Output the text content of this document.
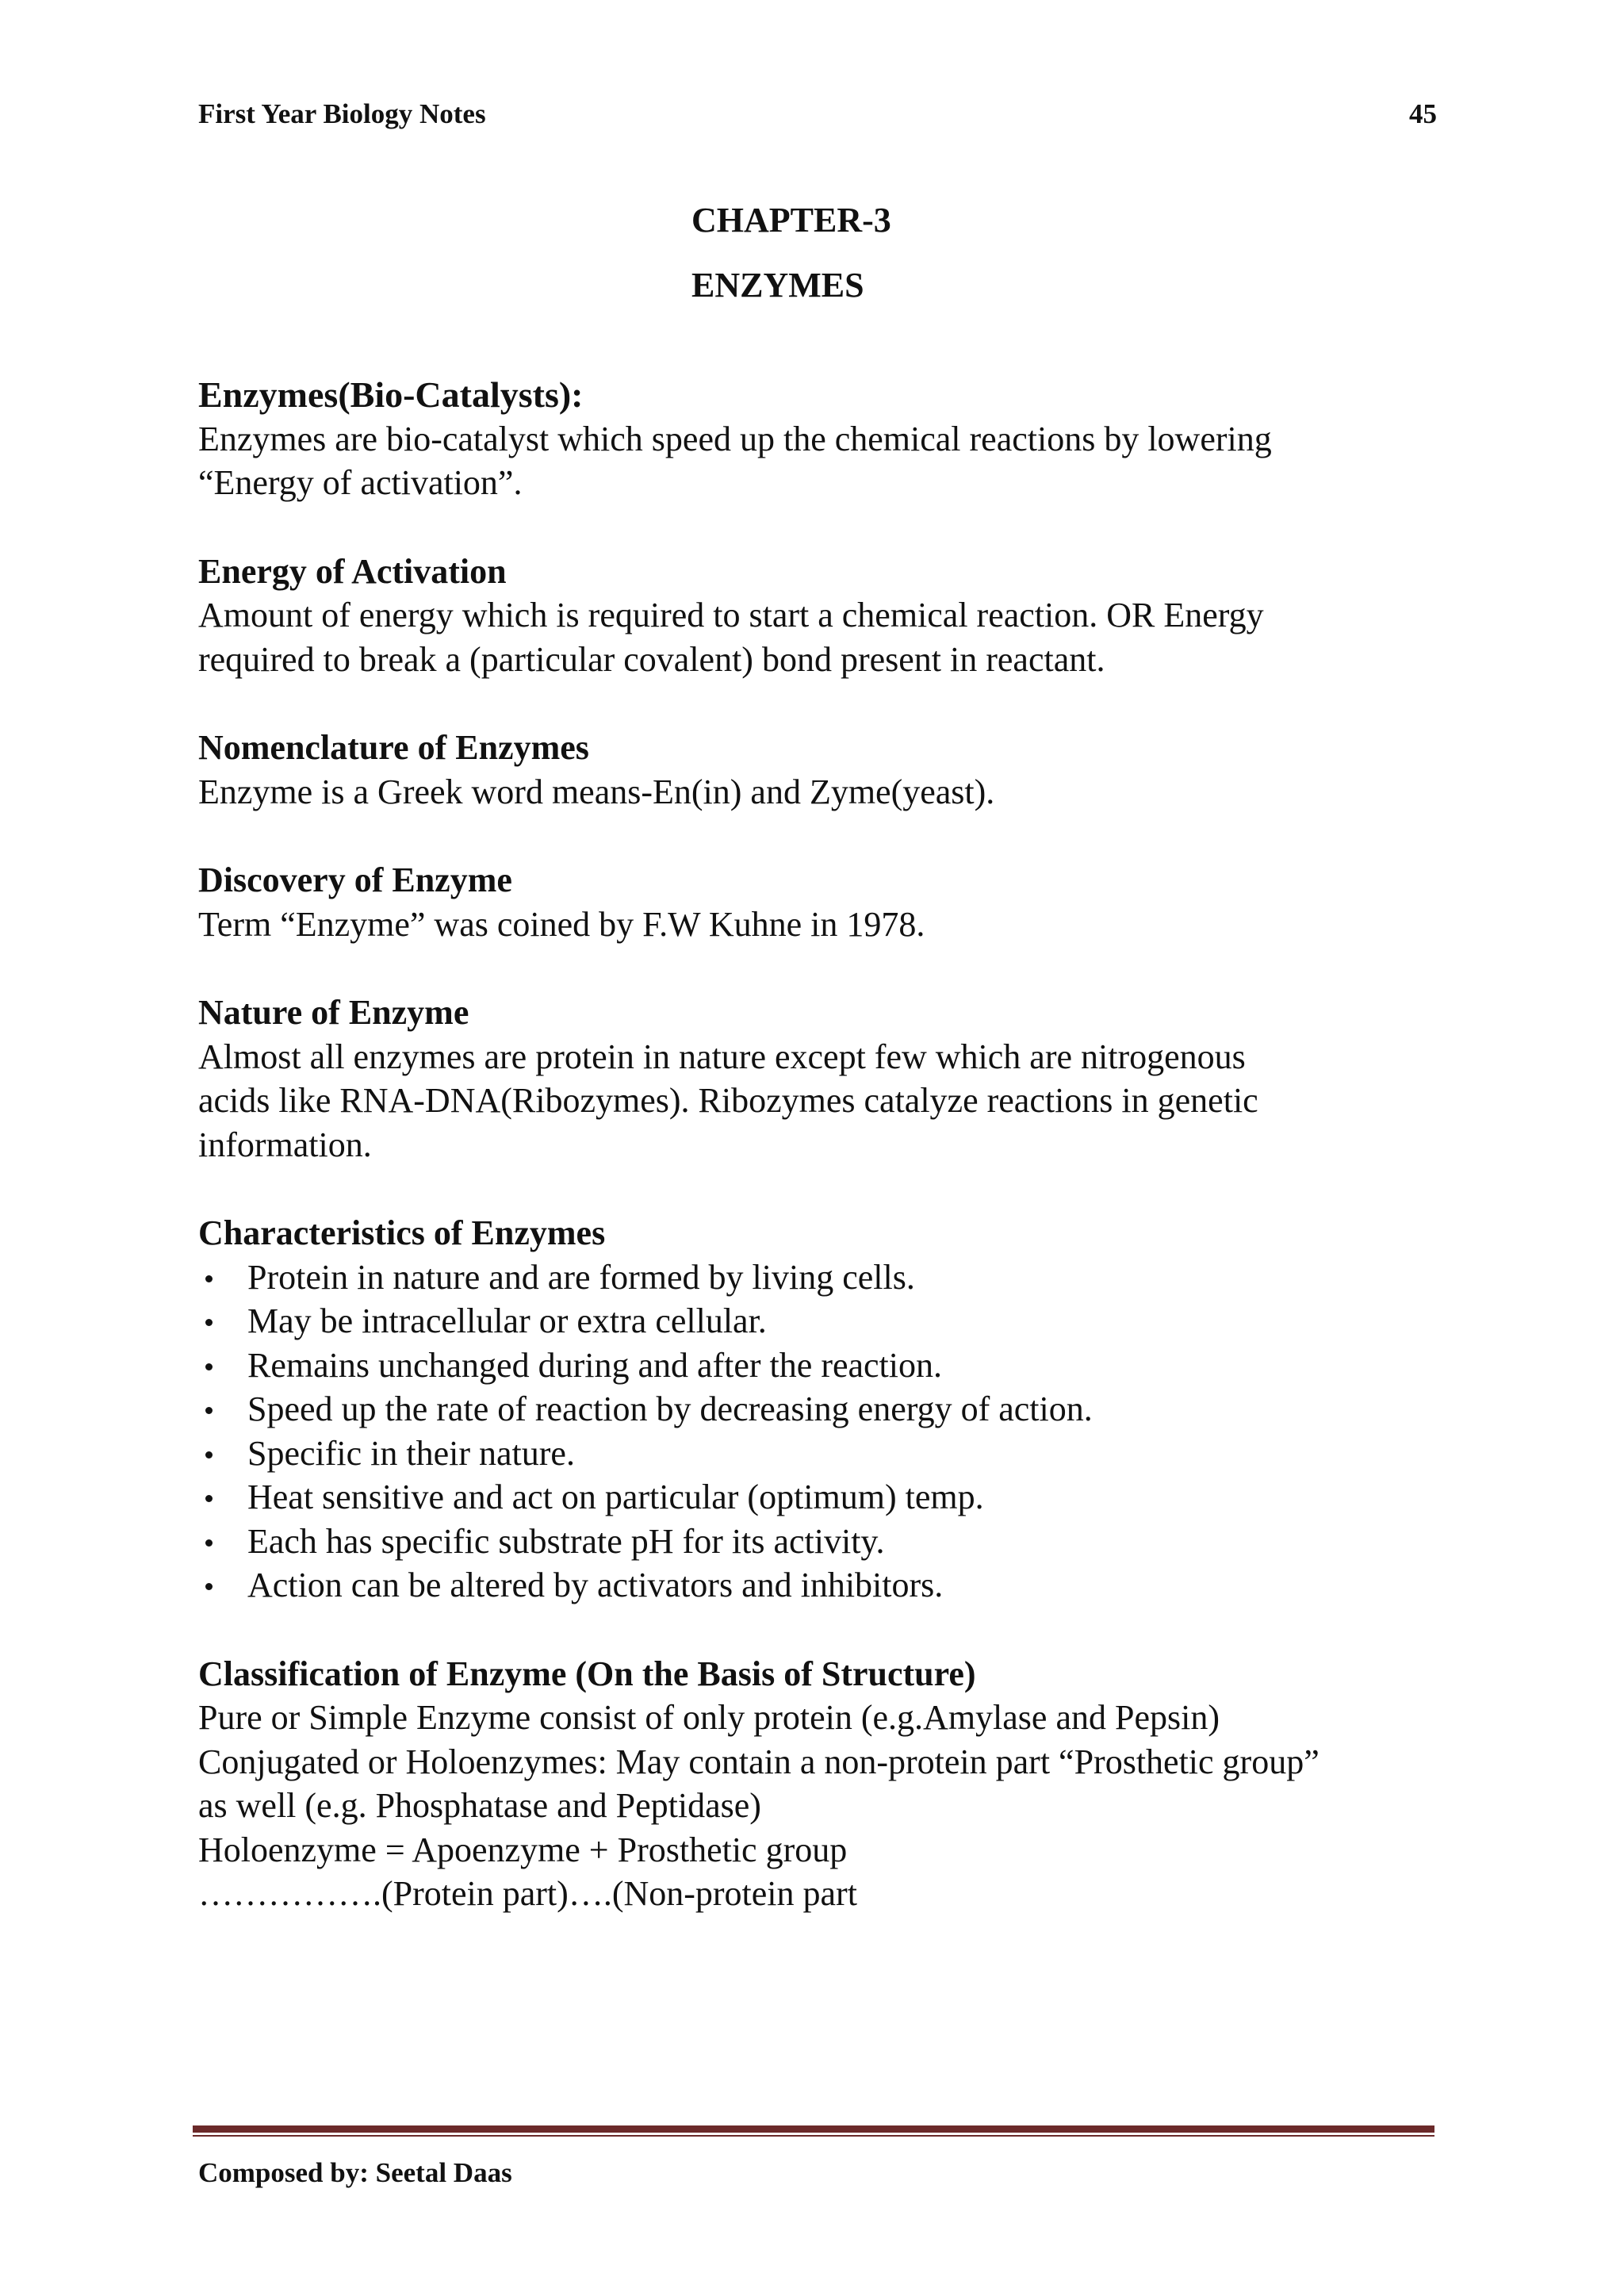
First Year Biology Notes	45
CHAPTER-3
ENZYMES
Enzymes(Bio-Catalysts):

Enzymes are bio-catalyst which speed up the chemical reactions by lowering
“Energy of activation”.

Energy of Activation

Amount of energy which is required to start a chemical reaction. OR Energy
required to break a (particular covalent) bond present in reactant.

Nomenclature of Enzymes

Enzyme is a Greek word means-En(in) and Zyme(yeast).

Discovery of Enzyme

Term “Enzyme” was coined by F.W Kuhne in 1978.

Nature of Enzyme

Almost all enzymes are protein in nature except few which are nitrogenous
acids like RNA-DNA(Ribozymes). Ribozymes catalyze reactions in genetic
information.

Characteristics of Enzymes
Protein in nature and are formed by living cells.
May be intracellular or extra cellular.
Remains unchanged during and after the reaction.
Speed up the rate of reaction by decreasing energy of action.
Specific in their nature.
Heat sensitive and act on particular (optimum) temp.
Each has specific substrate pH for its activity.
Action can be altered by activators and inhibitors.
Classification of Enzyme (On the Basis of Structure)

Pure or Simple Enzyme consist of only protein (e.g.Amylase and Pepsin)
Conjugated or Holoenzymes: May contain a non-protein part “Prosthetic group”
as well (e.g. Phosphatase and Peptidase)
Holoenzyme = Apoenzyme + Prosthetic group
…………….(Protein part)….(Non-protein part

Composed by: Seetal Daas
